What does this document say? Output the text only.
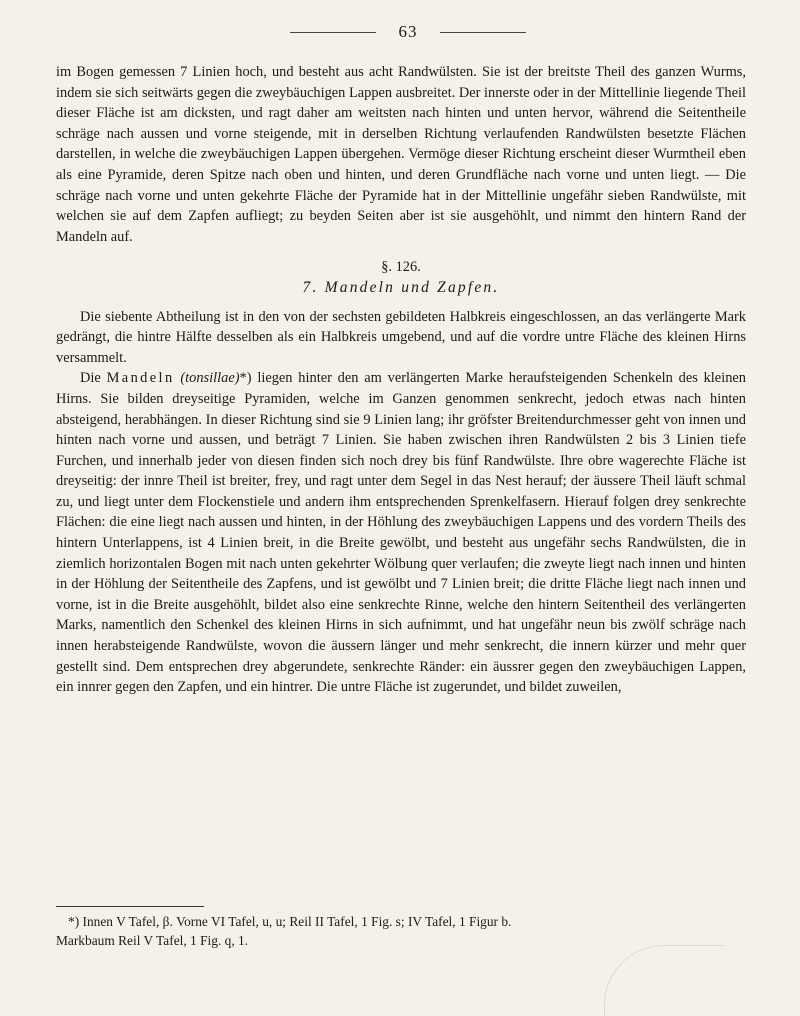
63

im Bogen gemessen 7 Linien hoch, und besteht aus acht Randwülsten. Sie ist der breitste Theil des ganzen Wurms, indem sie sich seitwärts gegen die zweybäuchigen Lappen ausbreitet. Der innerste oder in der Mittellinie liegende Theil dieser Fläche ist am dicksten, und ragt daher am weitsten nach hinten und unten hervor, während die Seitentheile schräge nach aussen und vorne steigende, mit in derselben Richtung verlaufenden Randwülsten besetzte Flächen darstellen, in welche die zweybäuchigen Lappen übergehen. Vermöge dieser Richtung erscheint dieser Wurmtheil eben als eine Pyramide, deren Spitze nach oben und hinten, und deren Grundfläche nach vorne und unten liegt. — Die schräge nach vorne und unten gekehrte Fläche der Pyramide hat in der Mittellinie ungefähr sieben Randwülste, mit welchen sie auf dem Zapfen aufliegt; zu beyden Seiten aber ist sie ausgehöhlt, und nimmt den hintern Rand der Mandeln auf.

§. 126.
7. Mandeln und Zapfen.

Die siebente Abtheilung ist in den von der sechsten gebildeten Halbkreis eingeschlossen, an das verlängerte Mark gedrängt, die hintre Hälfte desselben als ein Halbkreis umgebend, und auf die vordre untre Fläche des kleinen Hirns versammelt.

Die Mandeln (tonsillae)*) liegen hinter den am verlängerten Marke heraufsteigenden Schenkeln des kleinen Hirns. Sie bilden dreyseitige Pyramiden, welche im Ganzen genommen senkrecht, jedoch etwas nach hinten absteigend, herabhängen. In dieser Richtung sind sie 9 Linien lang; ihr gröfster Breitendurchmesser geht von innen und hinten nach vorne und aussen, und beträgt 7 Linien. Sie haben zwischen ihren Randwülsten 2 bis 3 Linien tiefe Furchen, und innerhalb jeder von diesen finden sich noch drey bis fünf Randwülste. Ihre obre wagerechte Fläche ist dreyseitig: der innre Theil ist breiter, frey, und ragt unter dem Segel in das Nest herauf; der äussere Theil läuft schmal zu, und liegt unter dem Flockenstiele und andern ihm entsprechenden Sprenkelfasern. Hierauf folgen drey senkrechte Flächen: die eine liegt nach aussen und hinten, in der Höhlung des zweybäuchigen Lappens und des vordern Theils des hintern Unterlappens, ist 4 Linien breit, in die Breite gewölbt, und besteht aus ungefähr sechs Randwülsten, die in ziemlich horizontalen Bogen mit nach unten gekehrter Wölbung quer verlaufen; die zweyte liegt nach innen und hinten in der Höhlung der Seitentheile des Zapfens, und ist gewölbt und 7 Linien breit; die dritte Fläche liegt nach innen und vorne, ist in die Breite ausgehöhlt, bildet also eine senkrechte Rinne, welche den hintern Seitentheil des verlängerten Marks, namentlich den Schenkel des kleinen Hirns in sich aufnimmt, und hat ungefähr neun bis zwölf schräge nach innen herabsteigende Randwülste, wovon die äussern länger und mehr senkrecht, die innern kürzer und mehr quer gestellt sind. Dem entsprechen drey abgerundete, senkrechte Ränder: ein äussrer gegen den zweybäuchigen Lappen, ein innrer gegen den Zapfen, und ein hintrer. Die untre Fläche ist zugerundet, und bildet zuweilen,

*) Innen V Tafel, β. Vorne VI Tafel, u, u; Reil II Tafel, 1 Fig. s; IV Tafel, 1 Figur b.

Markbaum Reil V Tafel, 1 Fig. q, 1.
